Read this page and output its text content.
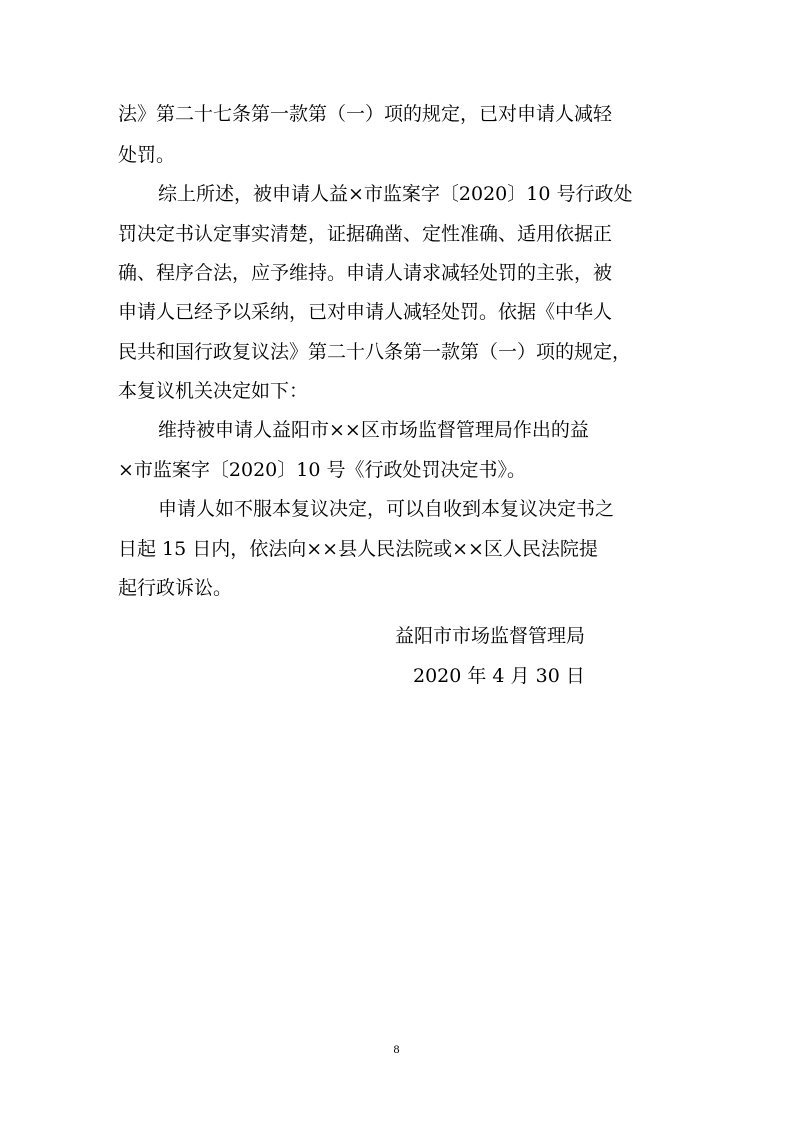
法》第二十七条第一款第（一）项的规定，已对申请人减轻
处罚。
综上所述，被申请人益×市监案字〔2020〕10 号行政处
罚决定书认定事实清楚，证据确凿、定性准确、适用依据正
确、程序合法，应予维持。申请人请求减轻处罚的主张，被
申请人已经予以采纳，已对申请人减轻处罚。依据《中华人
民共和国行政复议法》第二十八条第一款第（一）项的规定，
本复议机关决定如下：
维持被申请人益阳市××区市场监督管理局作出的益
×市监案字〔2020〕10 号《行政处罚决定书》。
申请人如不服本复议决定，可以自收到本复议决定书之
日起 15 日内，依法向××县人民法院或××区人民法院提
起行政诉讼。
益阳市市场监督管理局
2020 年 4 月 30 日
8
